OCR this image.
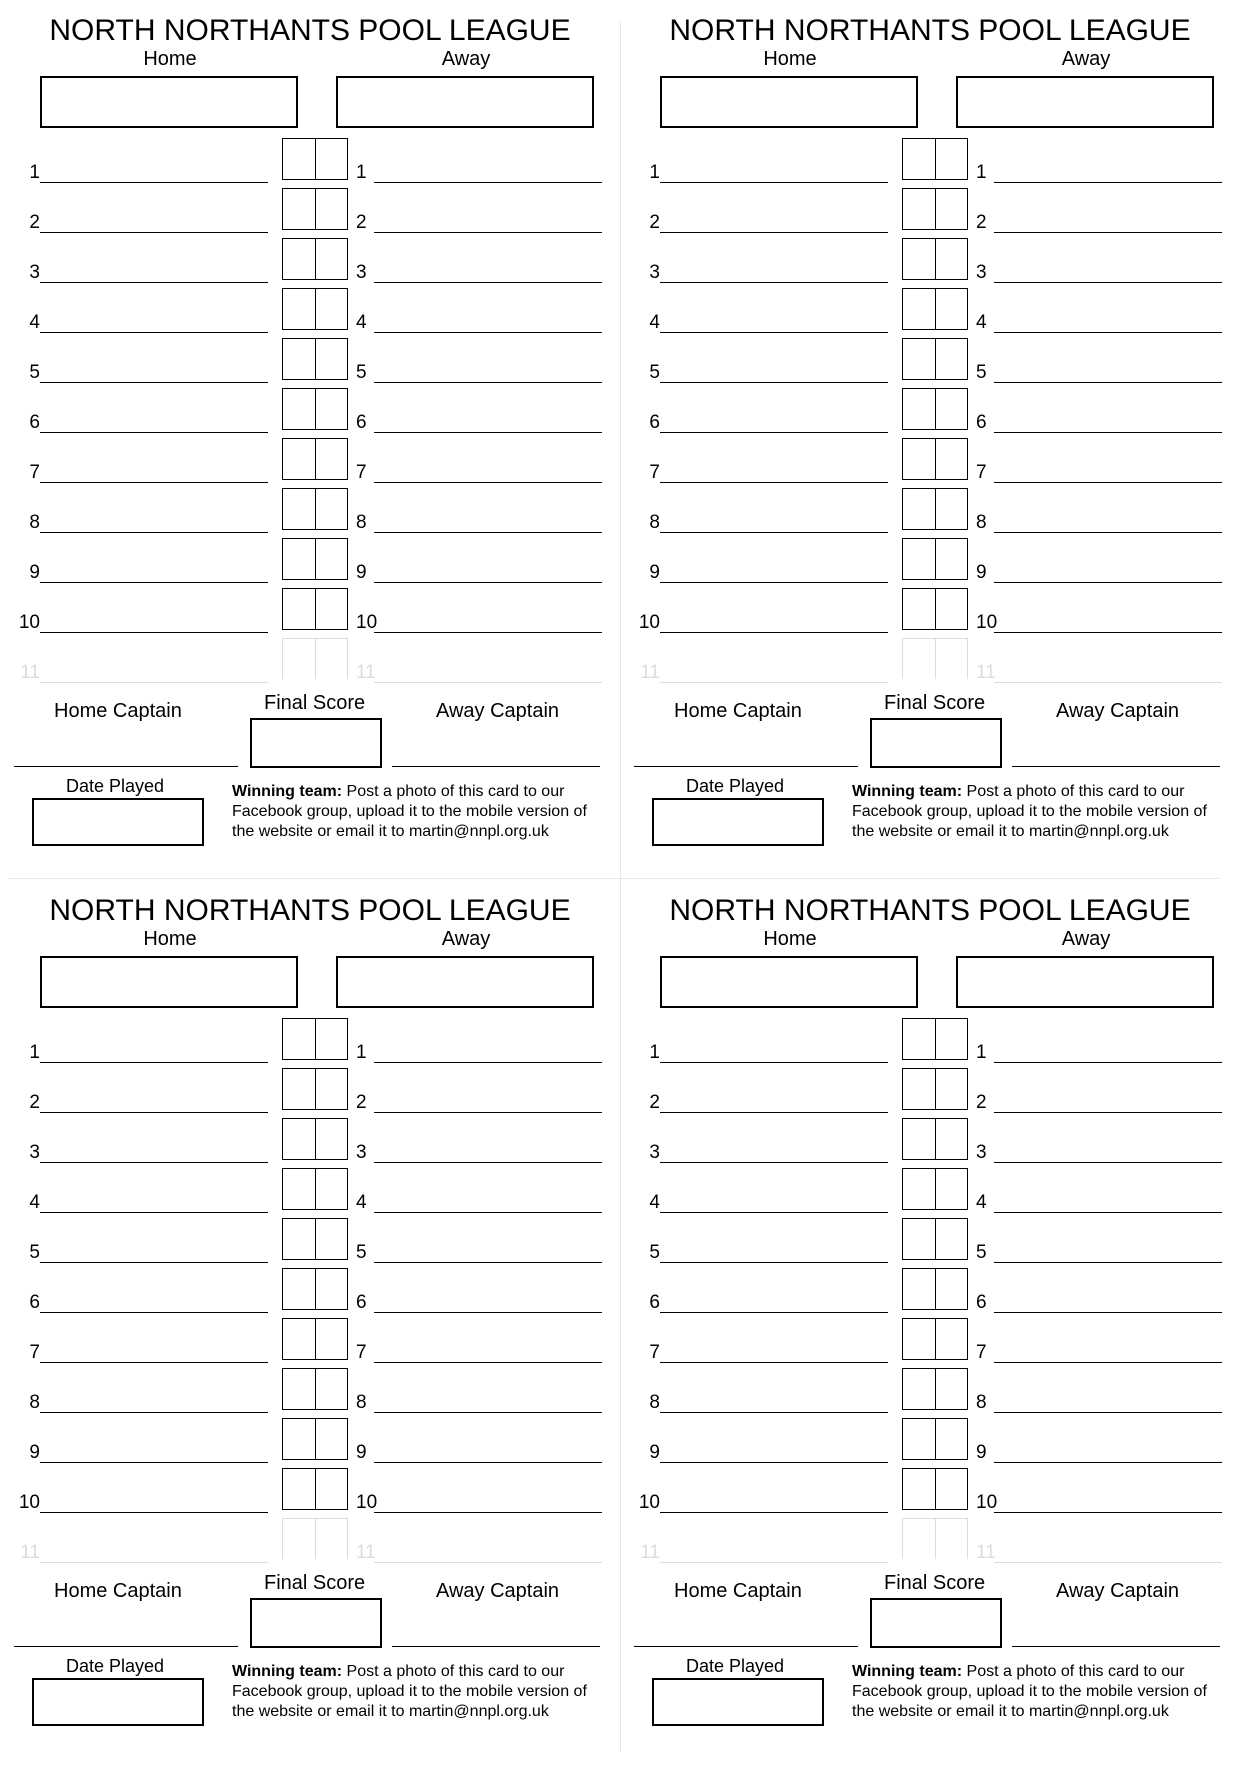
NORTH NORTHANTS POOL LEAGUE
Home	Away
1	1
2	2
3	3
4	4
5	5
6	6
7	7
8	8
9	9
10	10
11	11
Home Captain	Final Score	Away Captain
Date Played	Winning team: Post a photo of this card to our Facebook group, upload it to the mobile version of the website or email it to martin@nnpl.org.uk
NORTH NORTHANTS POOL LEAGUE
Home	Away
1	1
2	2
3	3
4	4
5	5
6	6
7	7
8	8
9	9
10	10
11	11
Home Captain	Final Score	Away Captain
Date Played	Winning team: Post a photo of this card to our Facebook group, upload it to the mobile version of the website or email it to martin@nnpl.org.uk
NORTH NORTHANTS POOL LEAGUE
Home	Away
1	1
2	2
3	3
4	4
5	5
6	6
7	7
8	8
9	9
10	10
11	11
Home Captain	Final Score	Away Captain
Date Played	Winning team: Post a photo of this card to our Facebook group, upload it to the mobile version of the website or email it to martin@nnpl.org.uk
NORTH NORTHANTS POOL LEAGUE
Home	Away
1	1
2	2
3	3
4	4
5	5
6	6
7	7
8	8
9	9
10	10
11	11
Home Captain	Final Score	Away Captain
Date Played	Winning team: Post a photo of this card to our Facebook group, upload it to the mobile version of the website or email it to martin@nnpl.org.uk
